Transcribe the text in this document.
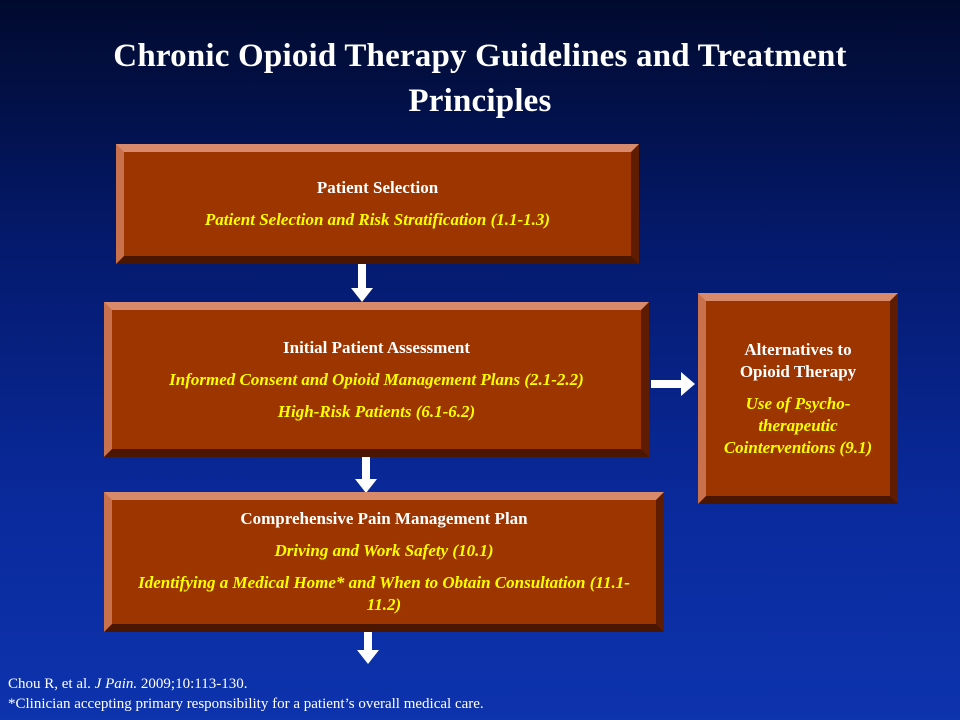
Chronic Opioid Therapy Guidelines and Treatment Principles
Patient Selection
Patient Selection and Risk Stratification (1.1-1.3)
Initial Patient Assessment
Informed Consent and Opioid Management Plans (2.1-2.2)
High-Risk Patients (6.1-6.2)
Alternatives to Opioid Therapy
Use of Psycho-therapeutic Cointerventions (9.1)
Comprehensive Pain Management Plan
Driving and Work Safety (10.1)
Identifying a Medical Home* and When to Obtain Consultation (11.1-11.2)
Chou R, et al. J Pain. 2009;10:113-130.
*Clinician accepting primary responsibility for a patient’s overall medical care.
